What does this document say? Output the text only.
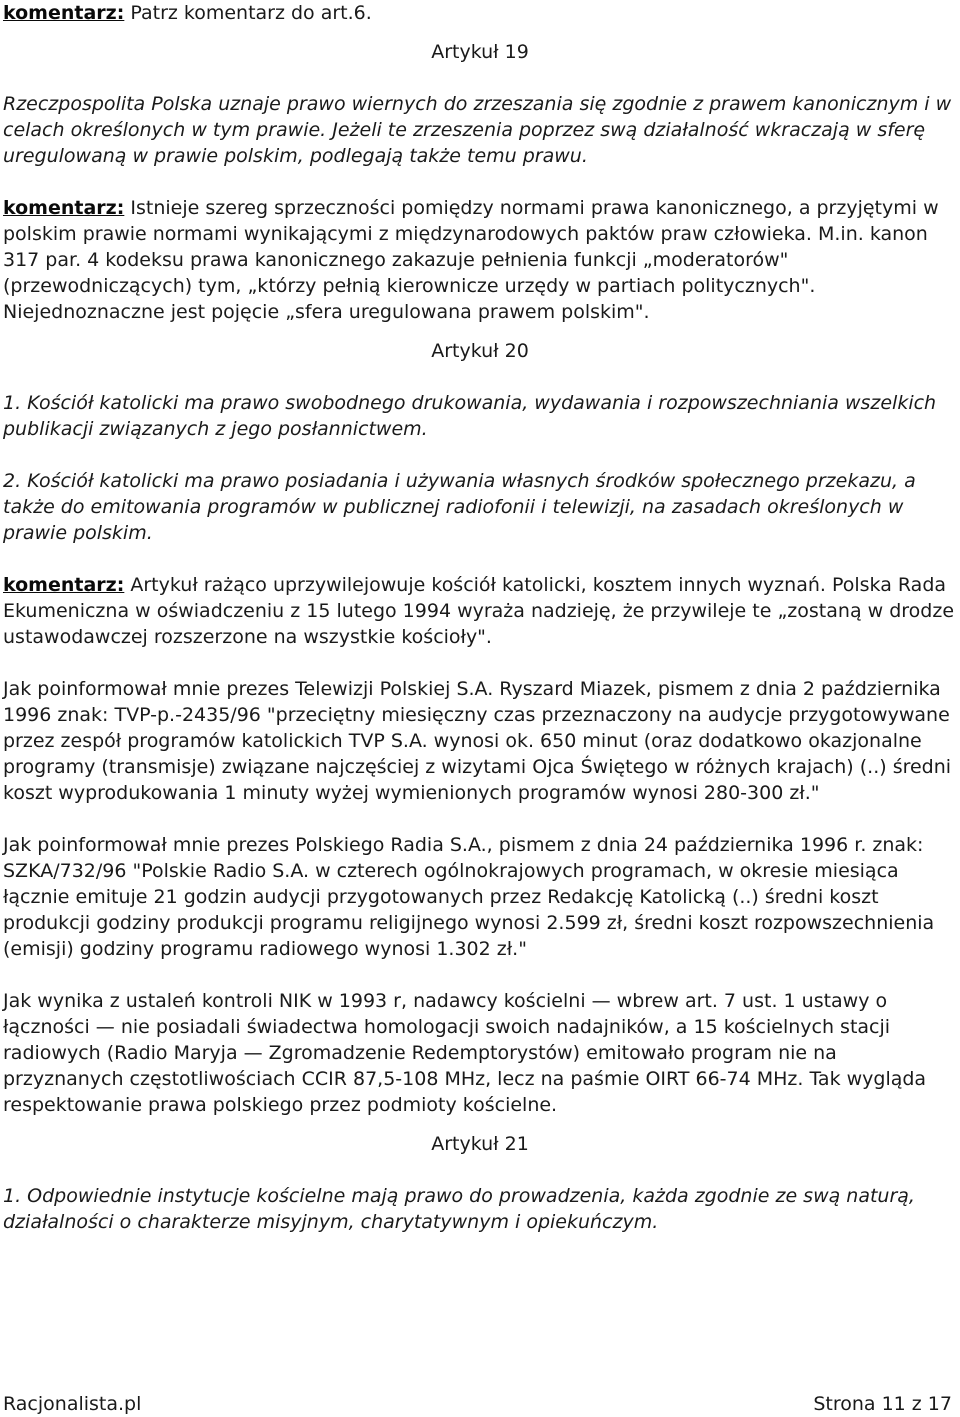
komentarz: Patrz komentarz do art.6.

Artykuł 19

Rzeczpospolita Polska uznaje prawo wiernych do zrzeszania się zgodnie z prawem kanonicznym i w celach określonych w tym prawie. Jeżeli te zrzeszenia poprzez swą działalność wkraczają w sferę uregulowaną w prawie polskim, podlegają także temu prawu.

komentarz: Istnieje szereg sprzeczności pomiędzy normami prawa kanonicznego, a przyjętymi w polskim prawie normami wynikającymi z międzynarodowych paktów praw człowieka. M.in. kanon 317 par. 4 kodeksu prawa kanonicznego zakazuje pełnienia funkcji „moderatorów" (przewodniczących) tym, „którzy pełnią kierownicze urzędy w partiach politycznych". Niejednoznaczne jest pojęcie „sfera uregulowana prawem polskim".

Artykuł 20

1. Kościół katolicki ma prawo swobodnego drukowania, wydawania i rozpowszechniania wszelkich publikacji związanych z jego posłannictwem.

2. Kościół katolicki ma prawo posiadania i używania własnych środków społecznego przekazu, a także do emitowania programów w publicznej radiofonii i telewizji, na zasadach określonych w prawie polskim.

komentarz: Artykuł rażąco uprzywilejowuje kościół katolicki, kosztem innych wyznań. Polska Rada Ekumeniczna w oświadczeniu z 15 lutego 1994 wyraża nadzieję, że przywileje te „zostaną w drodze ustawodawczej rozszerzone na wszystkie kościoły".

Jak poinformował mnie prezes Telewizji Polskiej S.A. Ryszard Miazek, pismem z dnia 2 października 1996 znak: TVP-p.-2435/96 "przeciętny miesięczny czas przeznaczony na audycje przygotowywane przez zespół programów katolickich TVP S.A. wynosi ok. 650 minut (oraz dodatkowo okazjonalne programy (transmisje) związane najczęściej z wizytami Ojca Świętego w różnych krajach) (..) średni koszt wyprodukowania 1 minuty wyżej wymienionych programów wynosi 280-300 zł."

Jak poinformował mnie prezes Polskiego Radia S.A., pismem z dnia 24 października 1996 r. znak: SZKA/732/96 "Polskie Radio S.A. w czterech ogólnokrajowych programach, w okresie miesiąca łącznie emituje 21 godzin audycji przygotowanych przez Redakcję Katolicką (..) średni koszt produkcji godziny produkcji programu religijnego wynosi 2.599 zł, średni koszt rozpowszechnienia (emisji) godziny programu radiowego wynosi 1.302 zł."

Jak wynika z ustaleń kontroli NIK w 1993 r, nadawcy kościelni — wbrew art. 7 ust. 1 ustawy o łączności — nie posiadali świadectwa homologacji swoich nadajników, a 15 kościelnych stacji radiowych (Radio Maryja — Zgromadzenie Redemptorystów) emitowało program nie na przyznanych częstotliwościach CCIR 87,5-108 MHz, lecz na paśmie OIRT 66-74 MHz. Tak wygląda respektowanie prawa polskiego przez podmioty kościelne.

Artykuł 21

1. Odpowiednie instytucje kościelne mają prawo do prowadzenia, każda zgodnie ze swą naturą, działalności o charakterze misyjnym, charytatywnym i opiekuńczym.

Racjonalista.pl	Strona 11 z 17
